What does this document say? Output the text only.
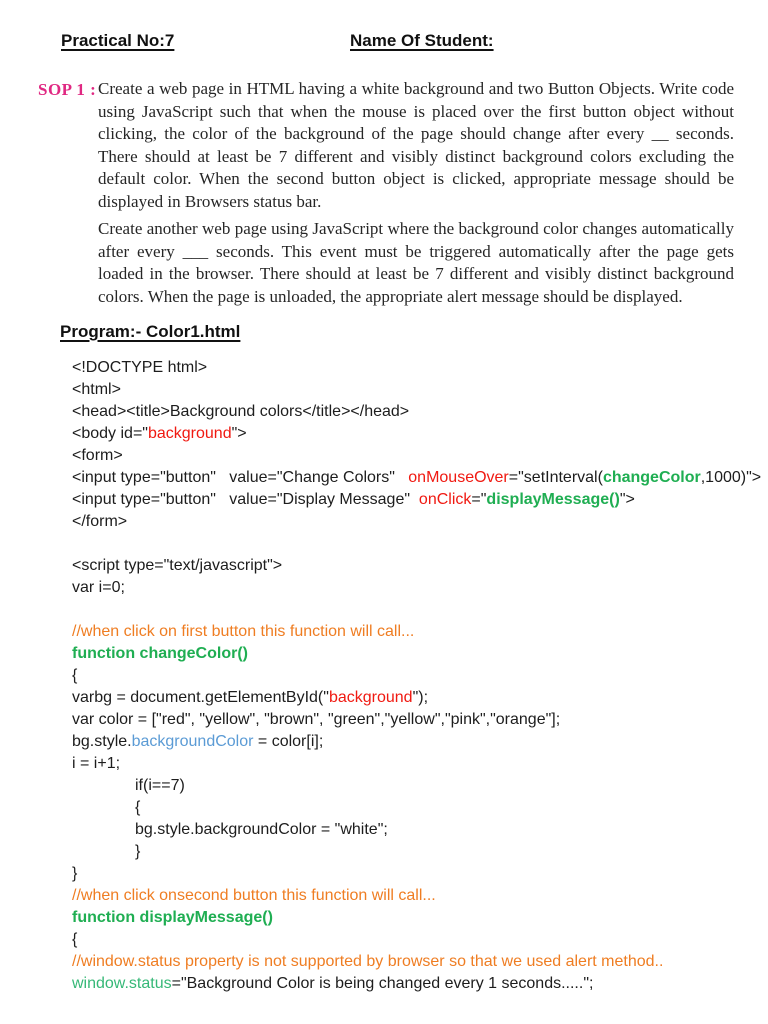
Practical No:7	Name Of Student:
SOP 1 : Create a web page in HTML having a white background and two Button Objects. Write code using JavaScript such that when the mouse is placed over the first button object without clicking, the color of the background of the page should change after every __ seconds. There should at least be 7 different and visibly distinct background colors excluding the default color. When the second button object is clicked, appropriate message should be displayed in Browsers status bar.

Create another web page using JavaScript where the background color changes automatically after every ___ seconds. This event must be triggered automatically after the page gets loaded in the browser. There should at least be 7 different and visibly distinct background colors. When the page is unloaded, the appropriate alert message should be displayed.

Program:- Color1.html
<!DOCTYPE html>
<html>
<head><title>Background colors</title></head>
<body id="background">
<form>
<input type="button"   value="Change Colors"   onMouseOver="setInterval(changeColor,1000)">
<input type="button"   value="Display Message"  onClick="displayMessage()">
</form>

<script type="text/javascript">
var i=0;

//when click on first button this function will call...
function changeColor()
{
varbg = document.getElementById("background");
var color = ["red", "yellow", "brown", "green","yellow","pink","orange"];
bg.style.backgroundColor = color[i];
i = i+1;
if(i==7)
{
bg.style.backgroundColor = "white";
}
}
//when click onsecond button this function will call...
function displayMessage()
{
//window.status property is not supported by browser so that we used alert method..
window.status="Background Color is being changed every 1 seconds.....";
